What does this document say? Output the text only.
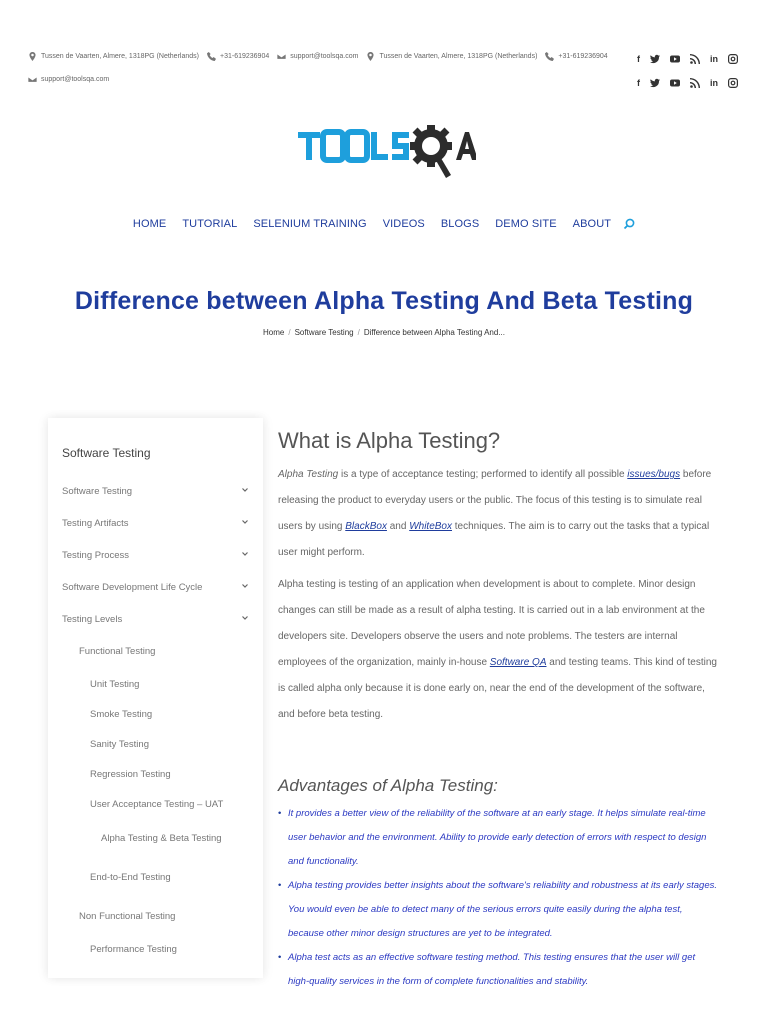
Tussen de Vaarten, Almere, 1318PG (Netherlands)	+31-619236904	support@toolsqa.com	Tussen de Vaarten, Almere, 1318PG (Netherlands)	+31-619236904
support@toolsqa.com
f	in
f	in
HOME TUTORIAL SELENIUM TRAINING VIDEOS BLOGS DEMO SITE ABOUT
Difference between Alpha Testing And Beta Testing
Home / Software Testing / Difference between Alpha Testing And...
Software Testing
Software Testing
Testing Artifacts
Testing Process
Software Development Life Cycle
Testing Levels
Functional Testing
Unit Testing
Smoke Testing
Sanity Testing
Regression Testing
User Acceptance Testing – UAT
Alpha Testing & Beta Testing
End-to-End Testing
Non Functional Testing
Performance Testing
What is Alpha Testing?

Alpha Testing is a type of acceptance testing; performed to identify all possible issues/bugs before releasing the product to everyday users or the public. The focus of this testing is to simulate real users by using BlackBox and WhiteBox techniques. The aim is to carry out the tasks that a typical user might perform.

Alpha testing is testing of an application when development is about to complete. Minor design changes can still be made as a result of alpha testing. It is carried out in a lab environment at the developers site. Developers observe the users and note problems. The testers are internal employees of the organization, mainly in-house Software QA and testing teams. This kind of testing is called alpha only because it is done early on, near the end of the development of the software, and before beta testing.

Advantages of Alpha Testing:
• It provides a better view of the reliability of the software at an early stage. It helps simulate real-time user behavior and the environment. Ability to provide early detection of errors with respect to design and functionality.
• Alpha testing provides better insights about the software's reliability and robustness at its early stages. You would even be able to detect many of the serious errors quite easily during the alpha test, because other minor design structures are yet to be integrated.
• Alpha test acts as an effective software testing method. This testing ensures that the user will get high-quality services in the form of complete functionalities and stability.
